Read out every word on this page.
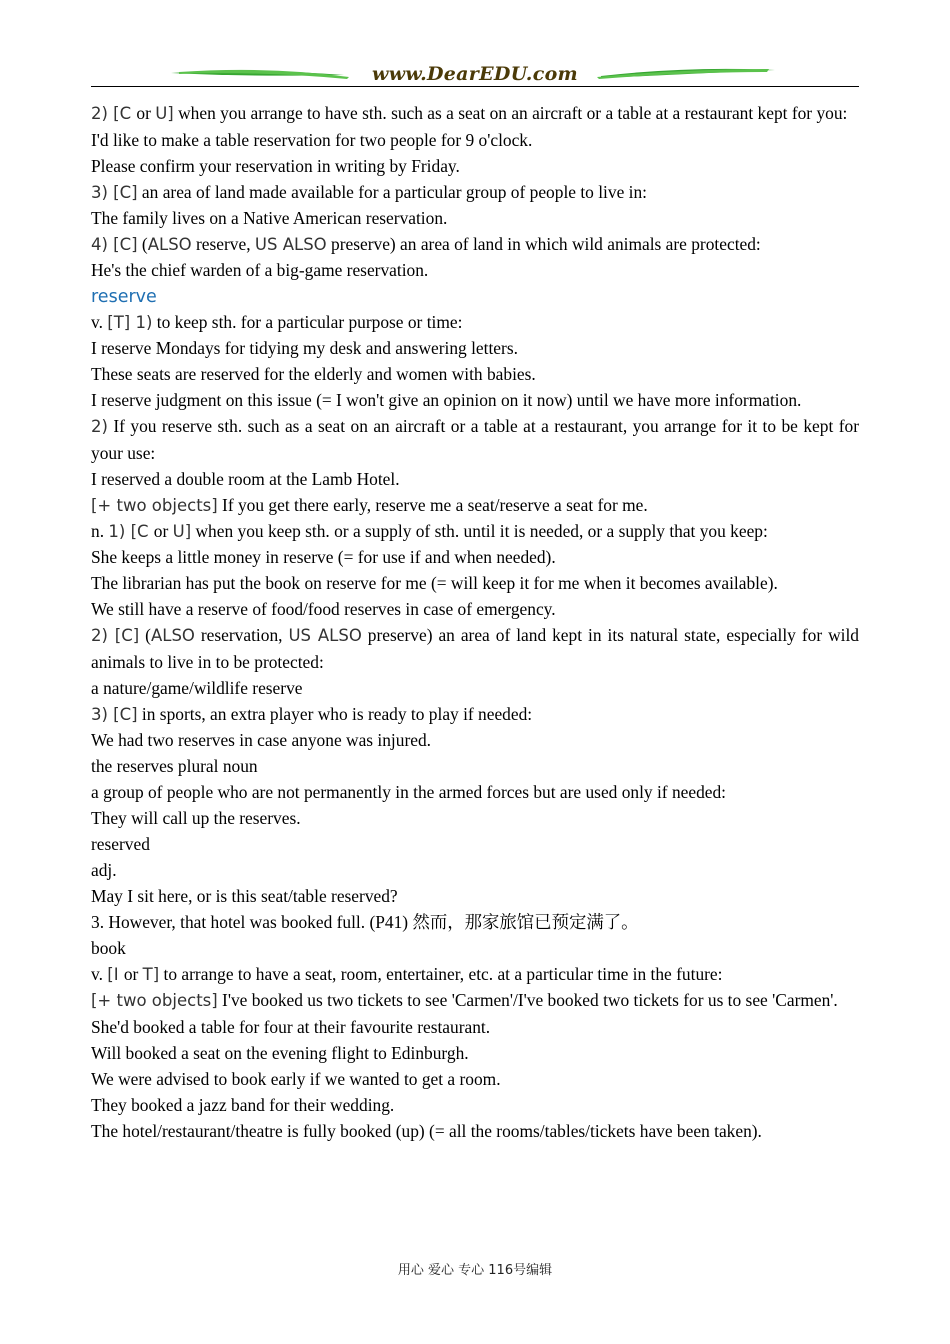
www.DearEDU.com
2) [C or U] when you arrange to have sth. such as a seat on an aircraft or a table at a restaurant kept for you:
I'd like to make a table reservation for two people for 9 o'clock.
Please confirm your reservation in writing by Friday.
3) [C] an area of land made available for a particular group of people to live in:
The family lives on a Native American reservation.
4) [C] (ALSO reserve, US ALSO preserve) an area of land in which wild animals are protected:
He's the chief warden of a big-game reservation.
reserve
v. [T] 1) to keep sth. for a particular purpose or time:
I reserve Mondays for tidying my desk and answering letters.
These seats are reserved for the elderly and women with babies.
I reserve judgment on this issue (= I won't give an opinion on it now) until we have more information.
2) If you reserve sth. such as a seat on an aircraft or a table at a restaurant, you arrange for it to be kept for your use:
I reserved a double room at the Lamb Hotel.
[+ two objects] If you get there early, reserve me a seat/reserve a seat for me.
n. 1) [C or U] when you keep sth. or a supply of sth. until it is needed, or a supply that you keep:
She keeps a little money in reserve (= for use if and when needed).
The librarian has put the book on reserve for me (= will keep it for me when it becomes available).
We still have a reserve of food/food reserves in case of emergency.
2) [C] (ALSO reservation, US ALSO preserve) an area of land kept in its natural state, especially for wild animals to live in to be protected:
a nature/game/wildlife reserve
3) [C] in sports, an extra player who is ready to play if needed:
We had two reserves in case anyone was injured.
the reserves plural noun
a group of people who are not permanently in the armed forces but are used only if needed:
They will call up the reserves.
reserved
adj.
May I sit here, or is this seat/table reserved?
3. However, that hotel was booked full. (P41) 然而，那家旅馆已预定满了。
book
v. [I or T] to arrange to have a seat, room, entertainer, etc. at a particular time in the future:
[+ two objects] I've booked us two tickets to see 'Carmen'/I've booked two tickets for us to see 'Carmen'.
She'd booked a table for four at their favourite restaurant.
Will booked a seat on the evening flight to Edinburgh.
We were advised to book early if we wanted to get a room.
They booked a jazz band for their wedding.
The hotel/restaurant/theatre is fully booked (up) (= all the rooms/tables/tickets have been taken).
用心 爱心 专心 116号编辑
